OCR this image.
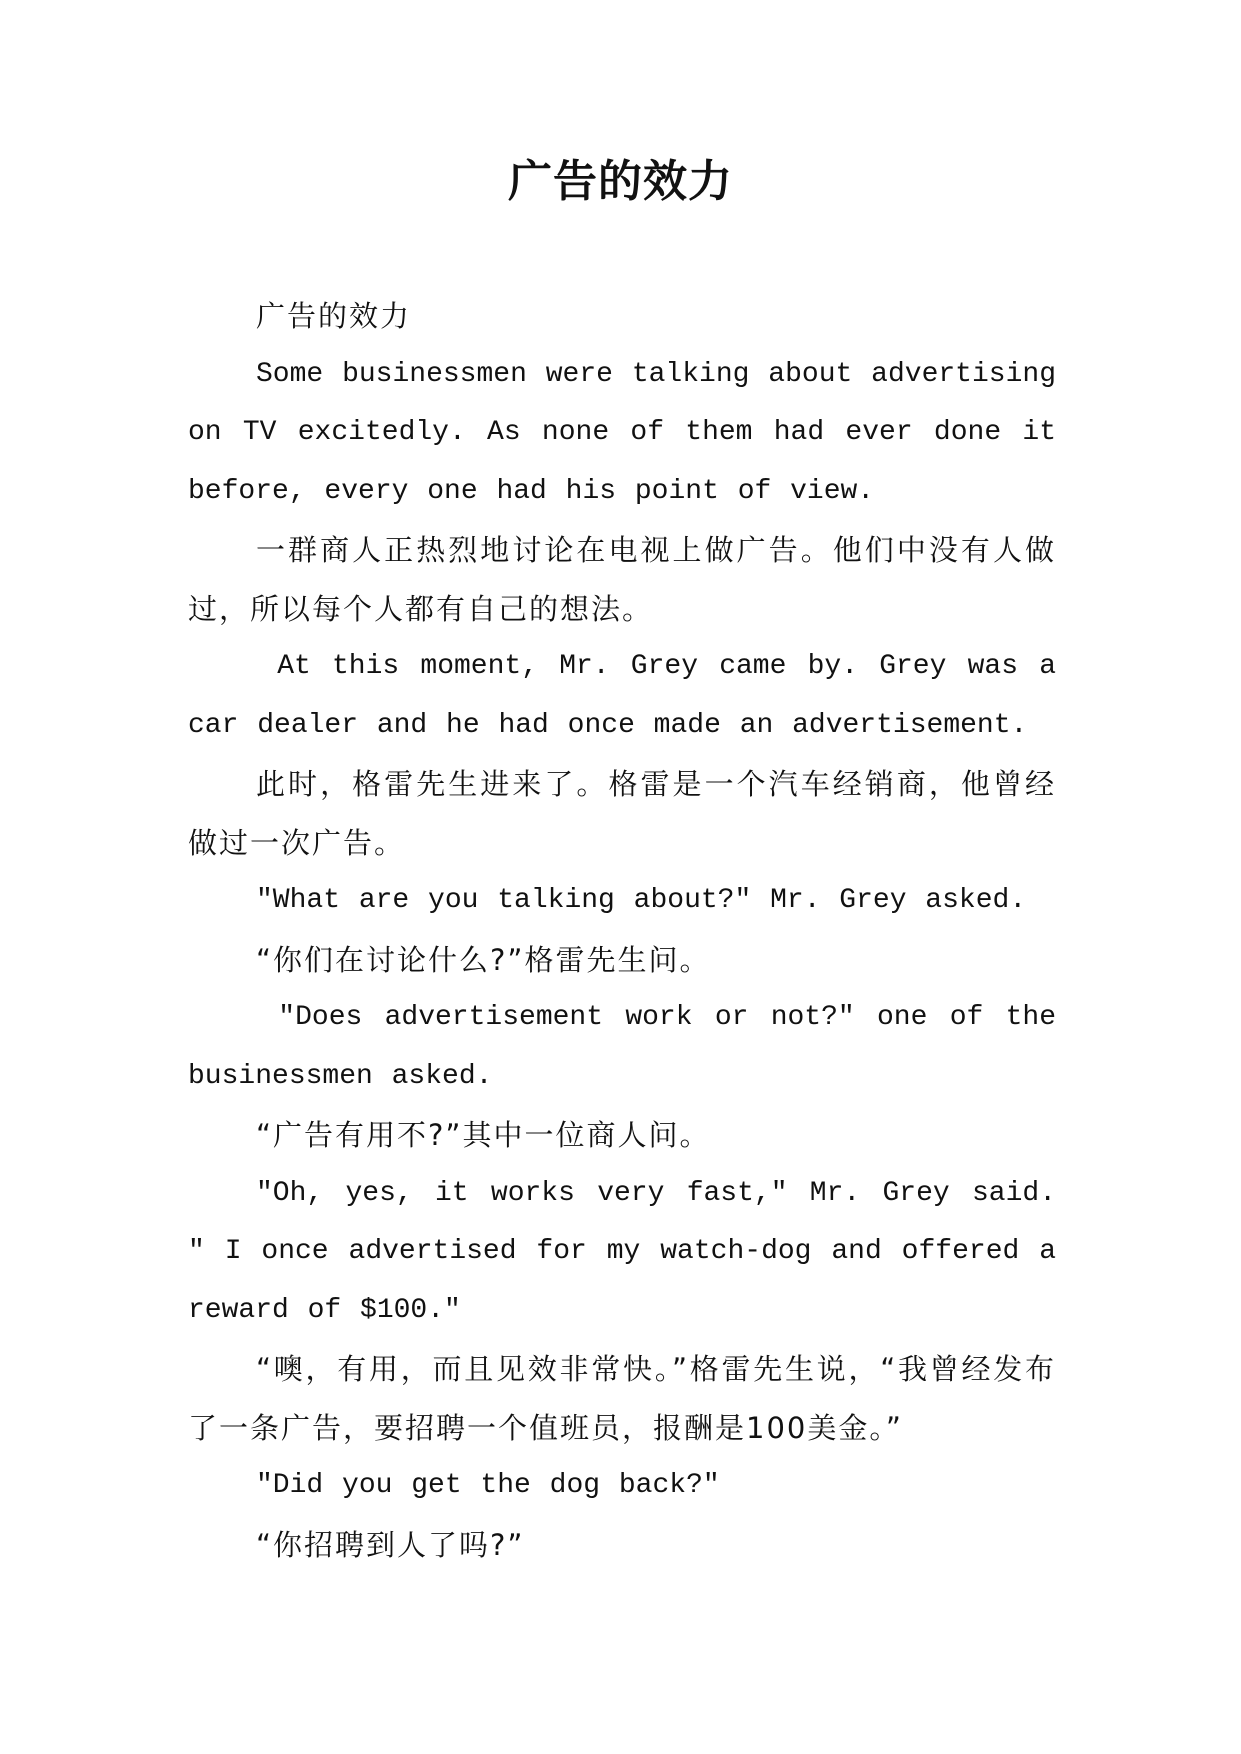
广告的效力

广告的效力

Some businessmen were talking about advertising on TV excitedly. As none of them had ever done it before, every one had his point of view.

一群商人正热烈地讨论在电视上做广告。他们中没有人做过，所以每个人都有自己的想法。

At this moment, Mr. Grey came by. Grey was a car dealer and he had once made an advertisement.

此时，格雷先生进来了。格雷是一个汽车经销商，他曾经做过一次广告。

"What are you talking about?" Mr. Grey asked.

“你们在讨论什么?”格雷先生问。

"Does advertisement work or not?" one of the businessmen asked.

“广告有用不?”其中一位商人问。

"Oh, yes, it works very fast," Mr. Grey said. " I once advertised for my watch-dog and offered a reward of $100."

“噢，有用，而且见效非常快。”格雷先生说，“我曾经发布了一条广告，要招聘一个值班员，报酬是100美金。”

"Did you get the dog back?"

“你招聘到人了吗?”
